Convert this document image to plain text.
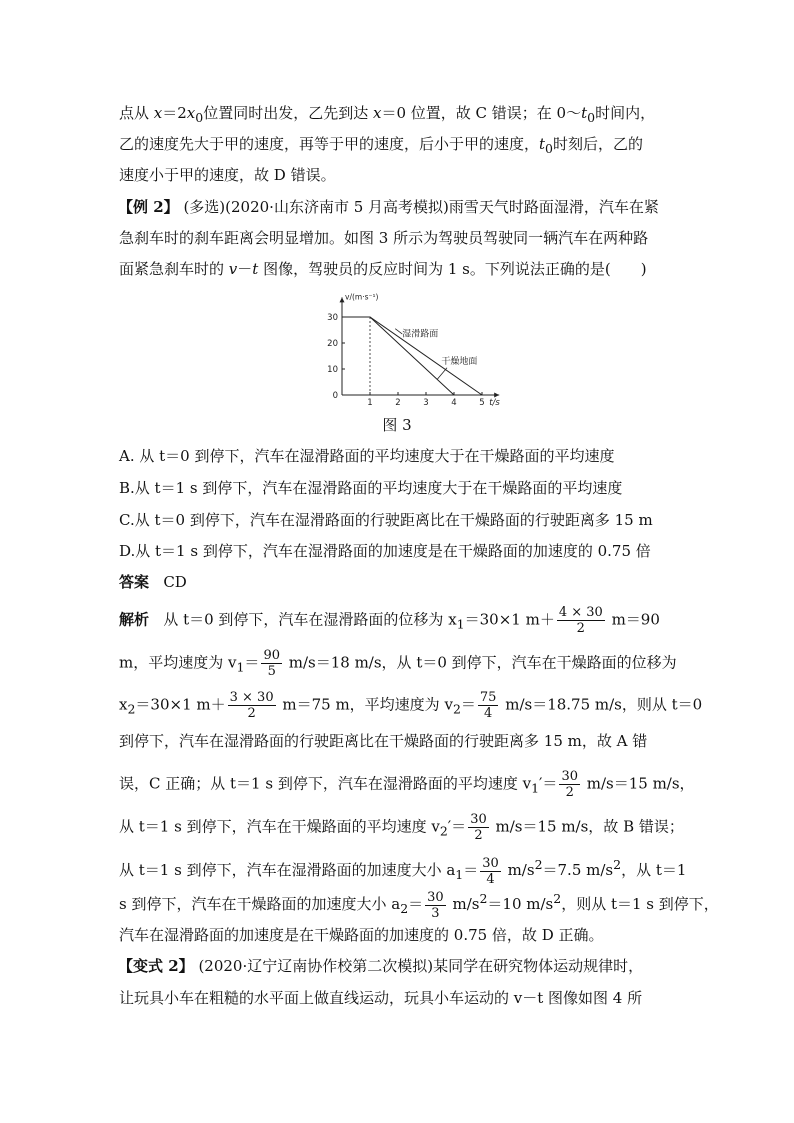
点从 $x=2x_0$位置同时出发，乙先到达 x＝0 位置，故 C 错误；在 $0\sim t_0$时间内，
乙的速度先大于甲的速度，再等于甲的速度，后小于甲的速度，$t_0$时刻后，乙的
速度小于甲的速度，故 D 错误。
【例 2】 (多选)(2020·山东济南市 5 月高考模拟)雨雪天气时路面湿滑，汽车在紧
急刹车时的刹车距离会明显增加。如图 3 所示为驾驶员驾驶同一辆汽车在两种路
面紧急刹车时的 v－t 图像，驾驶员的反应时间为 1 s。下列说法正确的是(　　)
0
10
20
30
1	2	3	4	5
v/(m·s⁻¹)
t/s
湿滑路面
干燥地面
图 3
A. 从 t＝0 到停下，汽车在湿滑路面的平均速度大于在干燥路面的平均速度
B.从 t＝1 s 到停下，汽车在湿滑路面的平均速度大于在干燥路面的平均速度
C.从 t＝0 到停下，汽车在湿滑路面的行驶距离比在干燥路面的行驶距离多 15 m
D.从 t＝1 s 到停下，汽车在湿滑路面的加速度是在干燥路面的加速度的 0.75 倍
答案 CD
解析 从 t＝0 到停下，汽车在湿滑路面的位移为 $x_1=30\times 1$ $m+ \frac{4 \times 30}{2} m=90$
m，平均速度为 $v_1= \frac{90}{5} m/s=18$ m/s，从 t＝0 到停下，汽车在干燥路面的位移为
$x_2=30\times 1$ $m+ \frac{3 \times 30}{2} m=75$ m，平均速度为 $v_2= \frac{75}{4} m/s=18.75$ m/s，则从 t＝0
到停下，汽车在湿滑路面的行驶距离比在干燥路面的行驶距离多 15 m，故 A 错
误，C 正确；从 t＝1 s 到停下，汽车在湿滑路面的平均速度 $v_1'= \frac{30}{2} m/s=15$ m/s，
从 t＝1 s 到停下，汽车在干燥路面的平均速度 $v_2'= \frac{30}{2} m/s=15$ m/s，故 B 错误；
从 t＝1 s 到停下，汽车在湿滑路面的加速度大小 $a_1= \frac{30}{4} m/s^2=7.5$ $m/s^2$，从 t＝1
s 到停下，汽车在干燥路面的加速度大小 $a_2= \frac{30}{3} m/s^2=10$ $m/s^2$，则从 t＝1 s 到停下，
汽车在湿滑路面的加速度是在干燥路面的加速度的 0.75 倍，故 D 正确。
【变式 2】 (2020·辽宁辽南协作校第二次模拟)某同学在研究物体运动规律时，
让玩具小车在粗糙的水平面上做直线运动，玩具小车运动的 v－t 图像如图 4 所
